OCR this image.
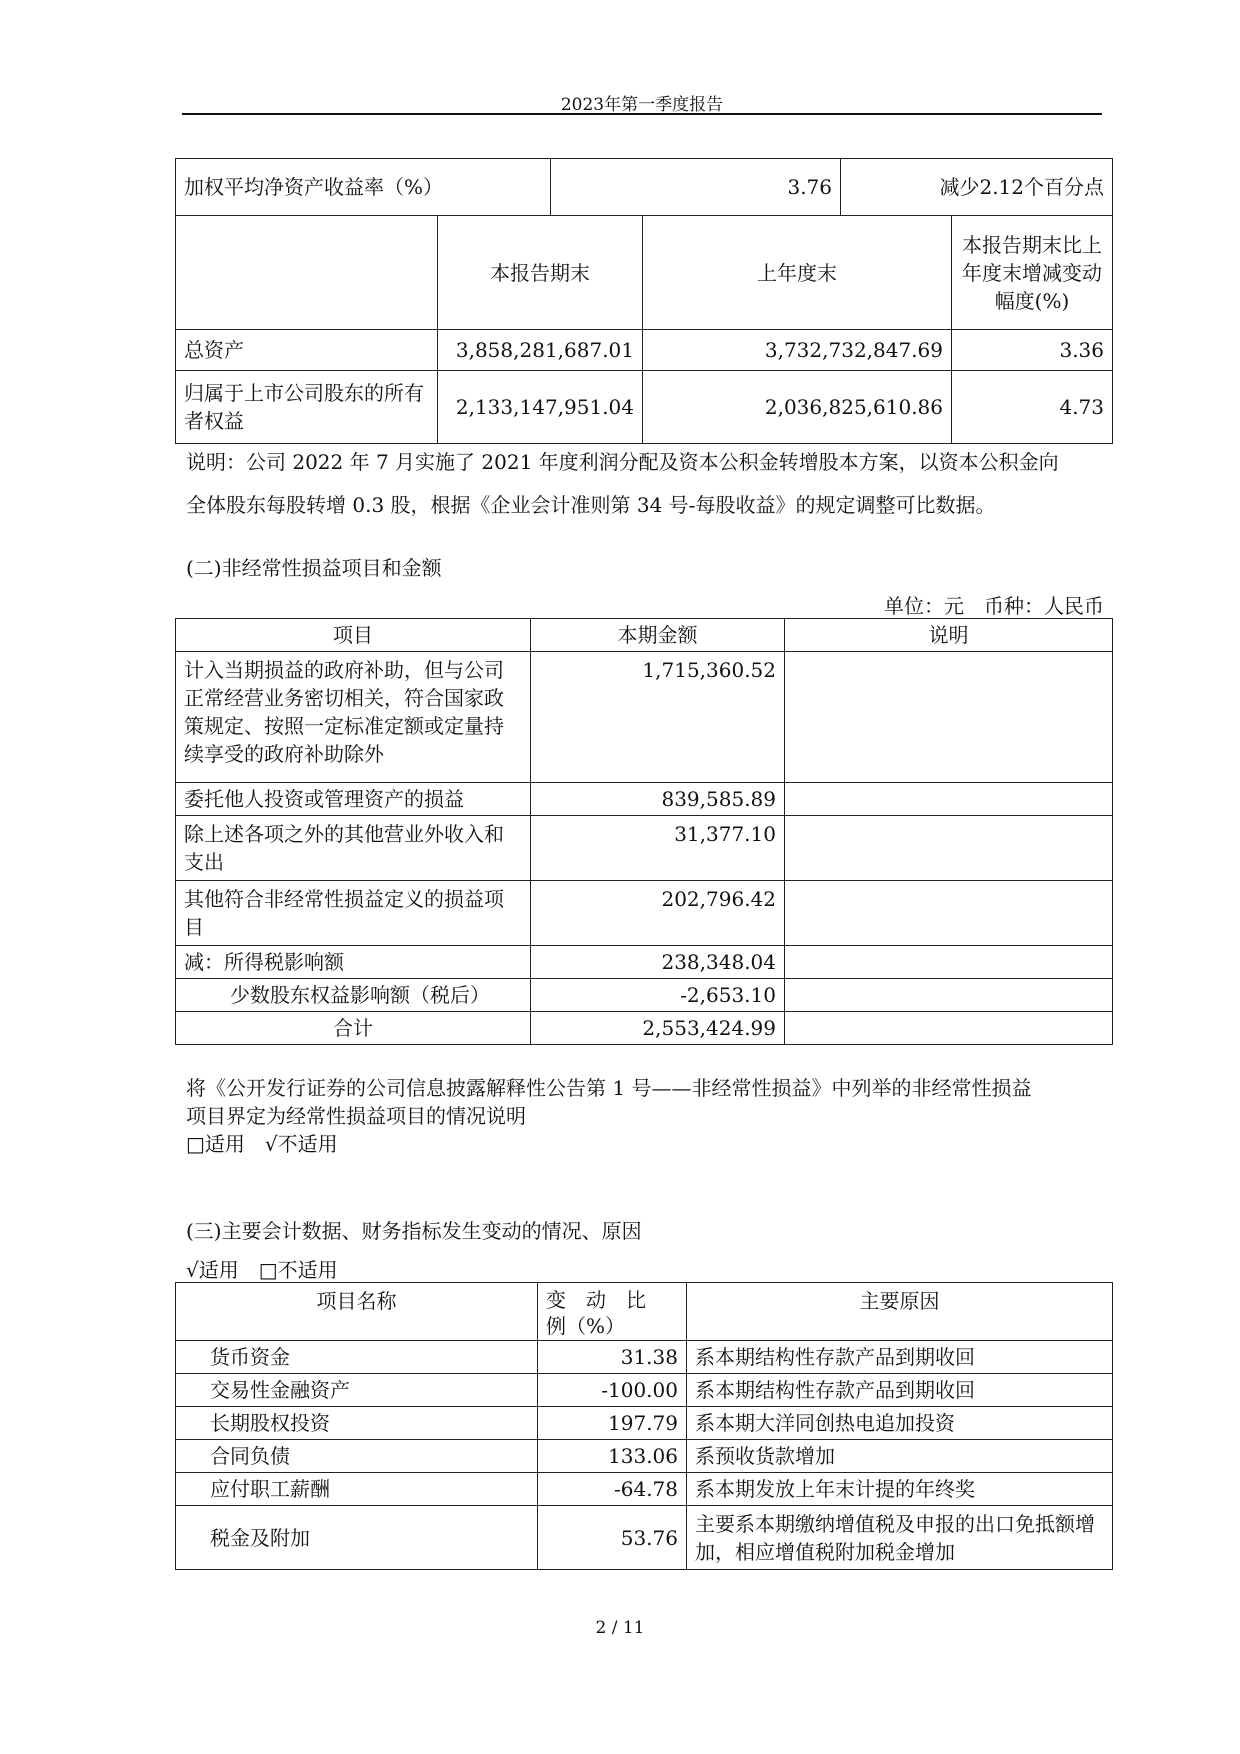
2023年第一季度报告
加权平均净资产收益率（%）	3.76	减少2.12个百分点
	本报告期末	上年度末	本报告期末比上年度末增减变动幅度(%)
总资产	3,858,281,687.01	3,732,732,847.69	3.36
归属于上市公司股东的所有者权益	2,133,147,951.04	2,036,825,610.86	4.73
说明：公司 2022 年 7 月实施了 2021 年度利润分配及资本公积金转增股本方案，以资本公积金向
全体股东每股转增 0.3 股，根据《企业会计准则第 34 号-每股收益》的规定调整可比数据。
(二)非经常性损益项目和金额
单位：元　币种：人民币
项目	本期金额	说明
计入当期损益的政府补助，但与公司正常经营业务密切相关，符合国家政策规定、按照一定标准定额或定量持续享受的政府补助除外	1,715,360.52	
委托他人投资或管理资产的损益	839,585.89	
除上述各项之外的其他营业外收入和支出	31,377.10	
其他符合非经常性损益定义的损益项目	202,796.42	
减：所得税影响额	238,348.04	
少数股东权益影响额（税后）	-2,653.10	
合计	2,553,424.99	
将《公开发行证券的公司信息披露解释性公告第 1 号——非经常性损益》中列举的非经常性损益
项目界定为经常性损益项目的情况说明
□适用　√不适用
(三)主要会计数据、财务指标发生变动的情况、原因
√适用　□不适用
项目名称	变　动　比　例（%）	主要原因
货币资金	31.38	系本期结构性存款产品到期收回
交易性金融资产	-100.00	系本期结构性存款产品到期收回
长期股权投资	197.79	系本期大洋同创热电追加投资
合同负债	133.06	系预收货款增加
应付职工薪酬	-64.78	系本期发放上年末计提的年终奖
税金及附加	53.76	主要系本期缴纳增值税及申报的出口免抵额增加，相应增值税附加税金增加
2 / 11
